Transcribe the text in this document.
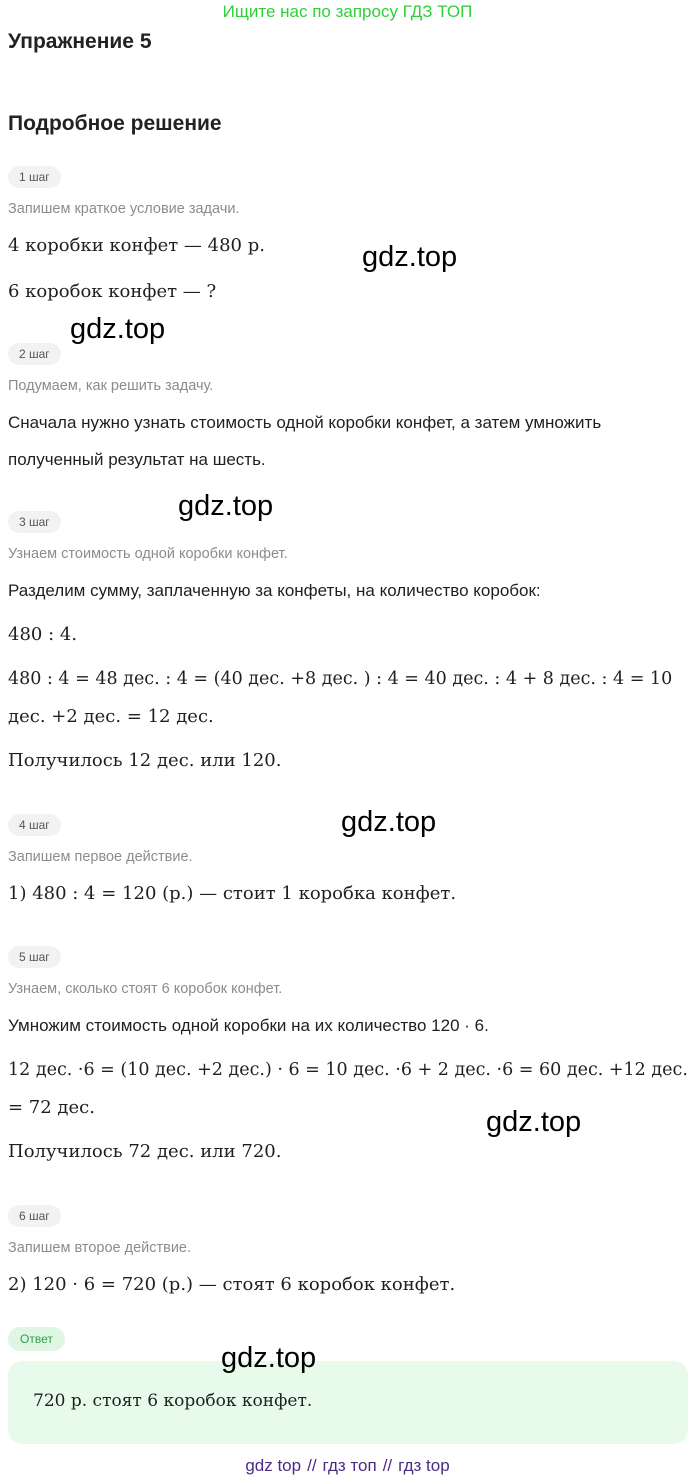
Ищите нас по запросу ГДЗ ТОП
Упражнение 5
Подробное решение
1 шаг
Запишем краткое условие задачи.
4 коробки конфет — 480 р.
6 коробок конфет — ?
2 шаг
Подумаем, как решить задачу.
Сначала нужно узнать стоимость одной коробки конфет, а затем умножить полученный результат на шесть.
3 шаг
Узнаем стоимость одной коробки конфет.
Разделим сумму, заплаченную за конфеты, на количество коробок:
480 : 4.
480 : 4 = 48 дес. : 4 = (40 дес. +8 дес. ) : 4 = 40 дес. : 4 + 8 дес. : 4 = 10
дес. +2 дес. = 12 дес.
Получилось 12 дес. или 120.
4 шаг
Запишем первое действие.
1) 480 : 4 = 120 (р.) — стоит 1 коробка конфет.
5 шаг
Узнаем, сколько стоят 6 коробок конфет.
Умножим стоимость одной коробки на их количество 120 · 6.
12 дес. ·6 = (10 дес. +2 дес.) · 6 = 10 дес. ·6 + 2 дес. ·6 = 60 дес. +12 дес.
= 72 дес.
Получилось 72 дес. или 720.
6 шаг
Запишем второе действие.
2) 120 · 6 = 720 (р.) — стоят 6 коробок конфет.
Ответ
720 р. стоят 6 коробок конфет.
gdz.top
gdz.top
gdz.top
gdz.top
gdz.top
gdz.top
gdz top // гдз топ // гдз top
